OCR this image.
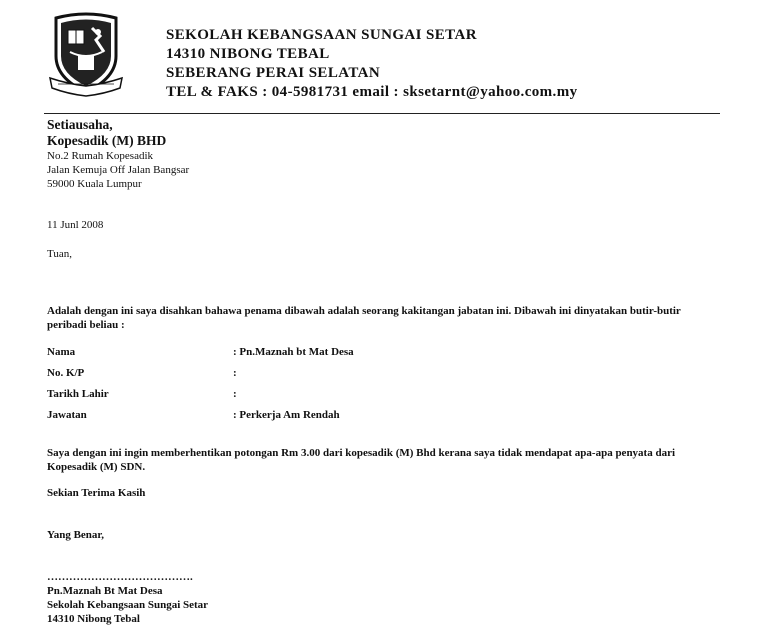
SEKOLAH KEBANGSAAN SUNGAI SETAR
14310 NIBONG TEBAL
SEBERANG PERAI SELATAN
TEL & FAKS : 04-5981731 email : sksetarnt@yahoo.com.my
Setiausaha,
Kopesadik (M) BHD
No.2 Rumah Kopesadik
Jalan Kemuja Off Jalan Bangsar
59000 Kuala Lumpur
11 Junl 2008
Tuan,
Adalah dengan ini saya disahkan bahawa penama dibawah adalah seorang kakitangan jabatan ini. Dibawah ini dinyatakan butir-butir peribadi beliau :
Nama	: Pn.Maznah bt Mat Desa
No. K/P	:
Tarikh Lahir	:
Jawatan	: Perkerja Am Rendah
Saya dengan ini ingin memberhentikan potongan Rm 3.00 dari kopesadik (M) Bhd kerana saya tidak mendapat apa-apa penyata dari Kopesadik (M) SDN.
Sekian Terima Kasih
Yang Benar,
………………………………….
Pn.Maznah Bt Mat Desa
Sekolah Kebangsaan Sungai Setar
14310 Nibong Tebal
